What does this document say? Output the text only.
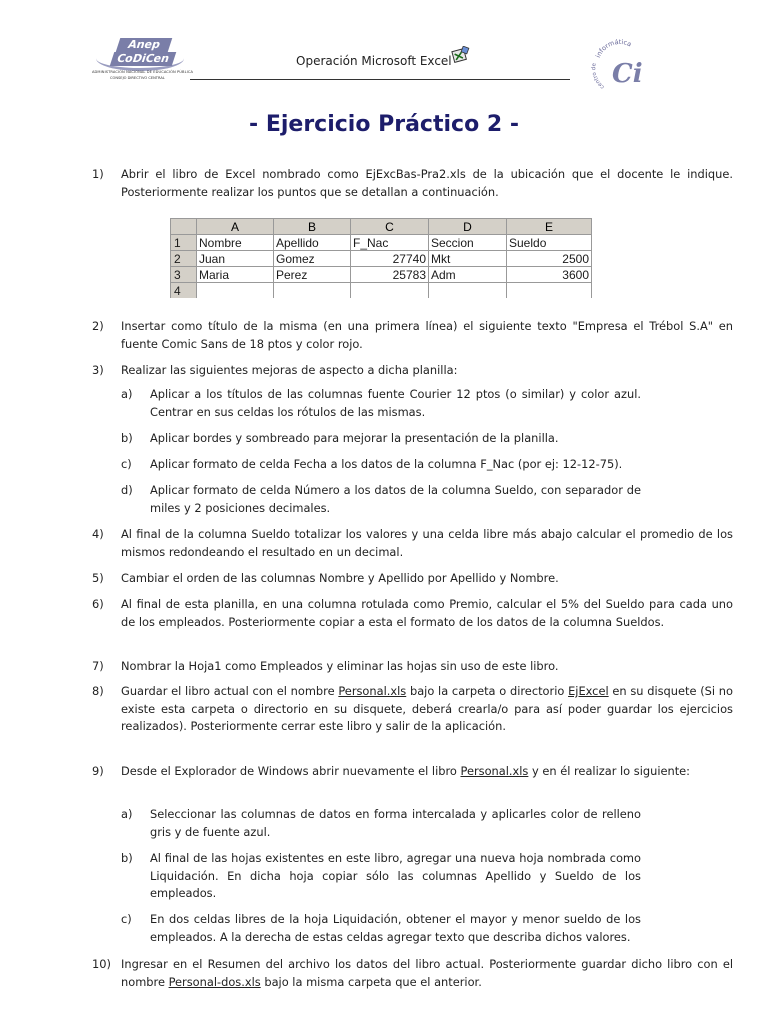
Anep
CoDiCen
ADMINISTRACIÓN NACIONAL DE EDUCACIÓN PÚBLICA
CONSEJO DIRECTIVO CENTRAL
Operación Microsoft Excel	informática
centro de Ci
- Ejercicio Práctico 2 -
1) Abrir el libro de Excel nombrado como EjExcBas-Pra2.xls de la ubicación que el docente le indique. Posteriormente realizar los puntos que se detallan a continuación.
	A	B	C	D	E
1	Nombre	Apellido	F_Nac	Seccion	Sueldo
2	Juan	Gomez	27740	Mkt	2500
3	Maria	Perez	25783	Adm	3600
4					
2) Insertar como título de la misma (en una primera línea) el siguiente texto "Empresa el Trébol S.A" en fuente Comic Sans de 18 ptos y color rojo.
3) Realizar las siguientes mejoras de aspecto a dicha planilla:
a) Aplicar a los títulos de las columnas fuente Courier 12 ptos (o similar) y color azul. Centrar en sus celdas los rótulos de las mismas.
b) Aplicar bordes y sombreado para mejorar la presentación de la planilla.
c) Aplicar formato de celda Fecha a los datos de la columna F_Nac (por ej: 12-12-75).
d) Aplicar formato de celda Número a los datos de la columna Sueldo, con separador de miles y 2 posiciones decimales.
4) Al final de la columna Sueldo totalizar los valores y una celda libre más abajo calcular el promedio de los mismos redondeando el resultado en un decimal.
5) Cambiar el orden de las columnas Nombre y Apellido por Apellido y Nombre.
6) Al final de esta planilla, en una columna rotulada como Premio, calcular el 5% del Sueldo para cada uno de los empleados. Posteriormente copiar a esta el formato de los datos de la columna Sueldos.
7) Nombrar la Hoja1 como Empleados y eliminar las hojas sin uso de este libro.
8) Guardar el libro actual con el nombre Personal.xls bajo la carpeta o directorio EjExcel en su disquete (Si no existe esta carpeta o directorio en su disquete, deberá crearla/o para así poder guardar los ejercicios realizados). Posteriormente cerrar este libro y salir de la aplicación.
9) Desde el Explorador de Windows abrir nuevamente el libro Personal.xls y en él realizar lo siguiente:
a) Seleccionar las columnas de datos en forma intercalada y aplicarles color de relleno gris y de fuente azul.
b) Al final de las hojas existentes en este libro, agregar una nueva hoja nombrada como Liquidación. En dicha hoja copiar sólo las columnas Apellido y Sueldo de los empleados.
c) En dos celdas libres de la hoja Liquidación, obtener el mayor y menor sueldo de los empleados. A la derecha de estas celdas agregar texto que describa dichos valores.
10) Ingresar en el Resumen del archivo los datos del libro actual. Posteriormente guardar dicho libro con el nombre Personal-dos.xls bajo la misma carpeta que el anterior.
